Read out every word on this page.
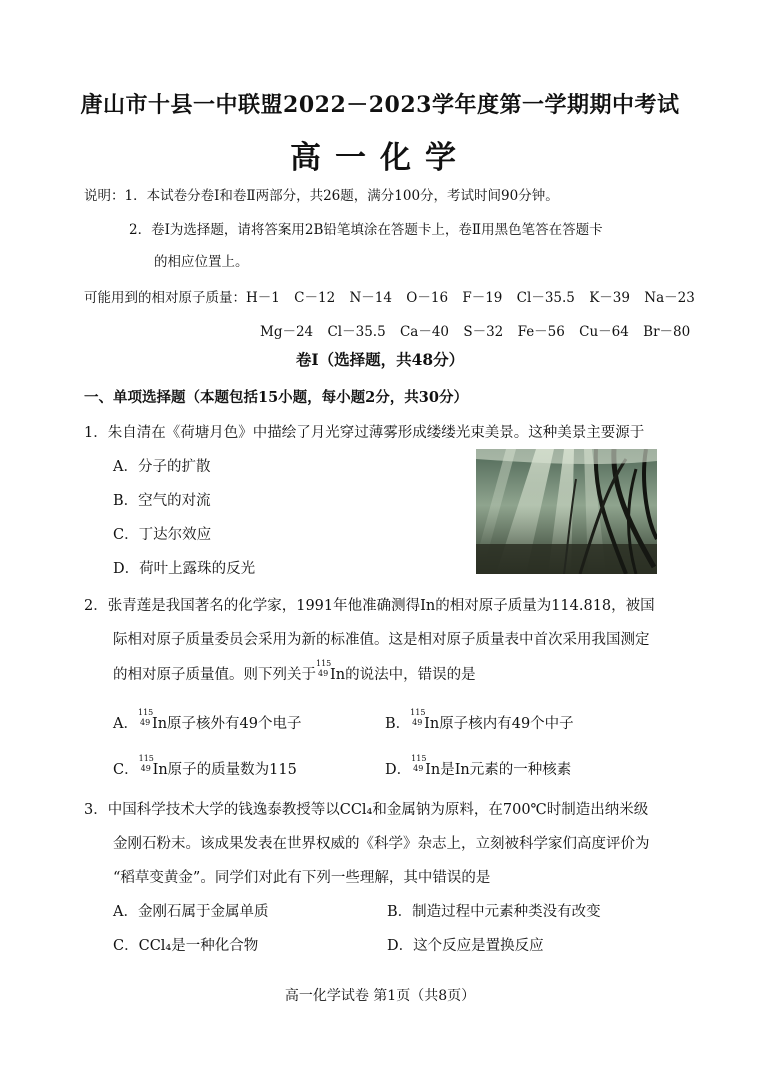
唐山市十县一中联盟2022－2023学年度第一学期期中考试
高一化学
说明：1．本试卷分卷Ⅰ和卷Ⅱ两部分，共26题，满分100分，考试时间90分钟。
2．卷Ⅰ为选择题，请将答案用2B铅笔填涂在答题卡上，卷Ⅱ用黑色笔答在答题卡
的相应位置上。
可能用到的相对原子质量：H－1 C－12 N－14 O－16 F－19 Cl－35.5 K－39 Na－23
Mg－24 Cl－35.5 Ca－40 S－32 Fe－56 Cu－64 Br－80
卷Ⅰ（选择题，共48分）
一、单项选择题（本题包括15小题，每小题2分，共30分）
1．朱自清在《荷塘月色》中描绘了月光穿过薄雾形成缕缕光束美景。这种美景主要源于
A．分子的扩散
B．空气的对流
C．丁达尔效应
D．荷叶上露珠的反光
2．张青莲是我国著名的化学家，1991年他准确测得In的相对原子质量为114.818，被国
际相对原子质量委员会采用为新的标准值。这是相对原子质量表中首次采用我国测定
的相对原子质量值。则下列关于
115
49 In的说法中，错误的是
A．
115
49 In原子核外有49个电子	B．
115
49 In原子核内有49个中子
C．
115
49 In原子的质量数为115	D．
115
49 In是In元素的一种核素
3．中国科学技术大学的钱逸泰教授等以CCl₄和金属钠为原料，在700℃时制造出纳米级
金刚石粉末。该成果发表在世界权威的《科学》杂志上，立刻被科学家们高度评价为
“稻草变黄金”。同学们对此有下列一些理解，其中错误的是
A．金刚石属于金属单质	B．制造过程中元素种类没有改变
C．CCl₄是一种化合物	D．这个反应是置换反应
高一化学试卷 第1页（共8页）
